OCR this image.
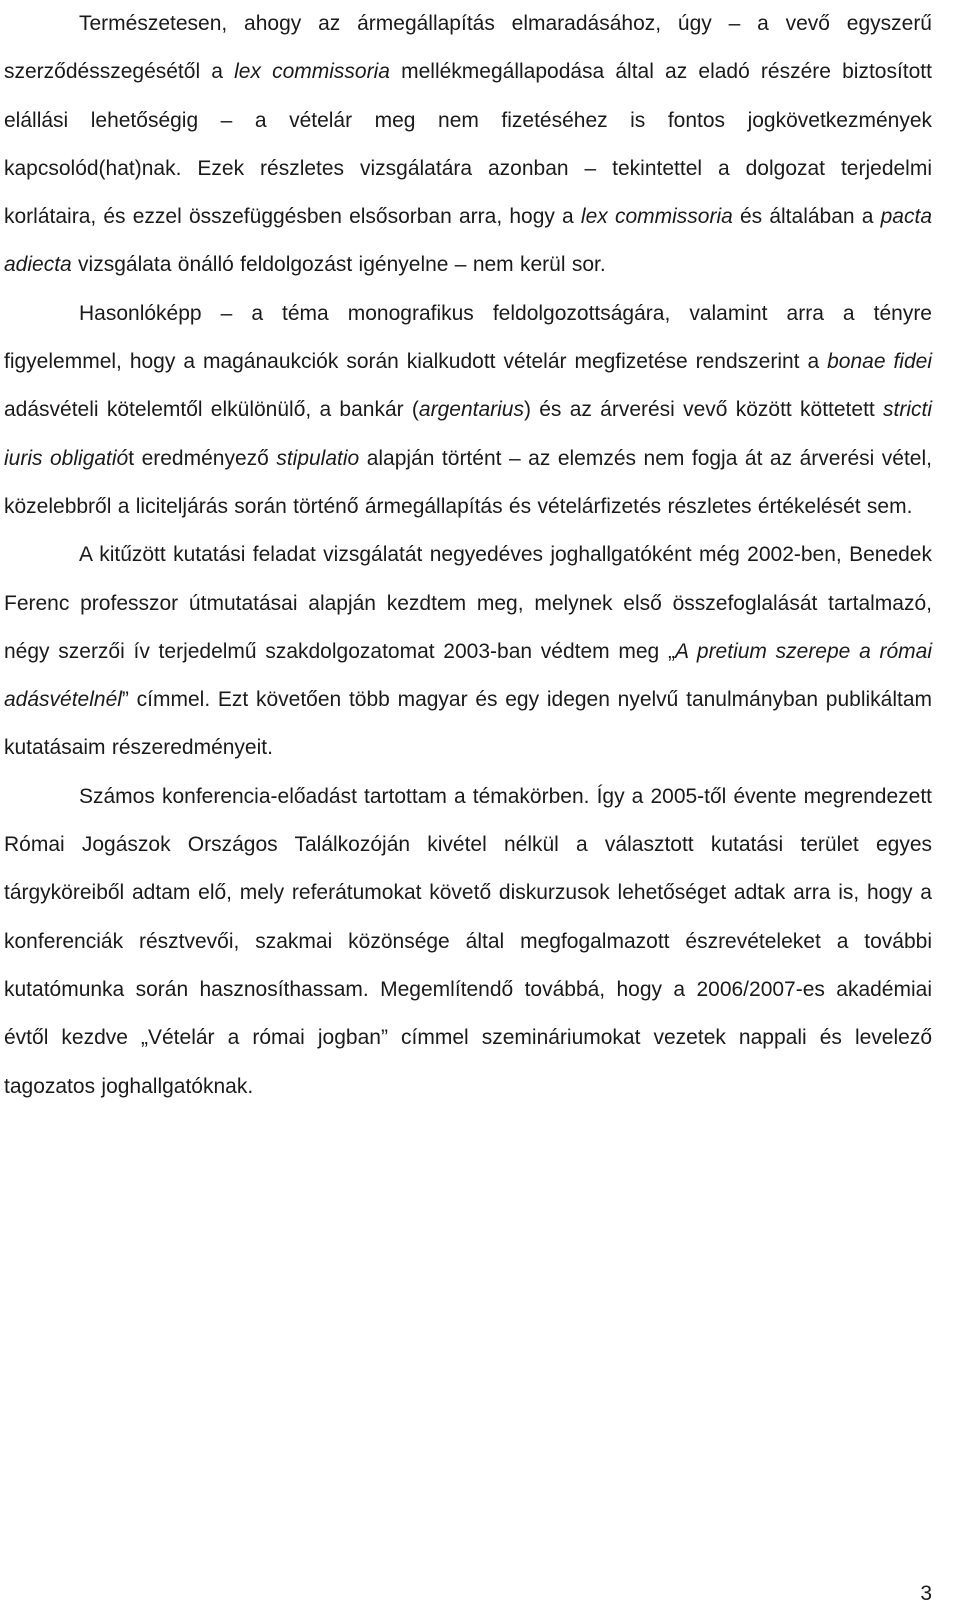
Természetesen, ahogy az ármegállapítás elmaradásához, úgy – a vevő egyszerű szerződésszegésétől a lex commissoria mellékmegállapodása által az eladó részére biztosított elállási lehetőségig – a vételár meg nem fizetéséhez is fontos jogkövetkezmények kapcsolód(hat)nak. Ezek részletes vizsgálatára azonban – tekintettel a dolgozat terjedelmi korlátaira, és ezzel összefüggésben elsősorban arra, hogy a lex commissoria és általában a pacta adiecta vizsgálata önálló feldolgozást igényelne – nem kerül sor.

Hasonlóképp – a téma monografikus feldolgozottságára, valamint arra a tényre figyelemmel, hogy a magánaukciók során kialkudott vételár megfizetése rendszerint a bonae fidei adásvételi kötelemtől elkülönülő, a bankár (argentarius) és az árverési vevő között köttetett stricti iuris obligatiót eredményező stipulatio alapján történt – az elemzés nem fogja át az árverési vétel, közelebbről a liciteljárás során történő ármegállapítás és vételárfizetés részletes értékelését sem.

A kitűzött kutatási feladat vizsgálatát negyedéves joghallgatóként még 2002-ben, Benedek Ferenc professzor útmutatásai alapján kezdtem meg, melynek első összefoglalását tartalmazó, négy szerzői ív terjedelmű szakdolgozatomat 2003-ban védtem meg „A pretium szerepe a római adásvételnél” címmel. Ezt követően több magyar és egy idegen nyelvű tanulmányban publikáltam kutatásaim részeredményeit.

Számos konferencia-előadást tartottam a témakörben. Így a 2005-től évente megrendezett Római Jogászok Országos Találkozóján kivétel nélkül a választott kutatási terület egyes tárgyköreiből adtam elő, mely referátumokat követő diskurzusok lehetőséget adtak arra is, hogy a konferenciák résztvevői, szakmai közönsége által megfogalmazott észrevételeket a további kutatómunka során hasznosíthassam. Megemlítendő továbbá, hogy a 2006/2007-es akadémiai évtől kezdve „Vételár a római jogban” címmel szemináriumokat vezetek nappali és levelező tagozatos joghallgatóknak.

3
